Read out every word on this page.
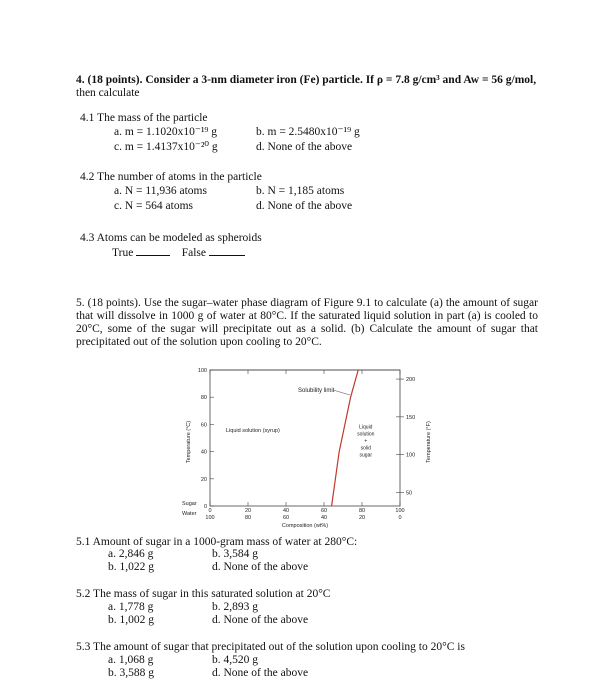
4. (18 points). Consider a 3-nm diameter iron (Fe) particle. If ρ = 7.8 g/cm³ and Aw = 56 g/mol,
then calculate
4.1 The mass of the particle
a. m = 1.1020x10⁻¹⁹ g	b. m = 2.5480x10⁻¹⁹ g
c. m = 1.4137x10⁻²⁰ g	d. None of the above
4.2 The number of atoms in the particle
a. N = 11,936 atoms	b. N = 1,185 atoms
c. N = 564 atoms	d. None of the above
4.3 Atoms can be modeled as spheroids
True	False
5. (18 points). Use the sugar–water phase diagram of Figure 9.1 to calculate (a) the amount of sugar that will dissolve in 1000 g of water at 80°C. If the saturated liquid solution in part (a) is cooled to 20°C, some of the sugar will precipitate out as a solid. (b) Calculate the amount of sugar that precipitated out of the solution upon cooling to 20°C.
0
20
40
60
80
100
50
100
150
200
0
100
20
80
40
60
60
40
80
20
100
0
Solubility limit
Liquid solution (syrup)
Liquid
solution
+
solid
sugar
Temperature (°C)	Temperature (°F)
Sugar
Water
Composition (wt%)
5.1 Amount of sugar in a 1000-gram mass of water at 280°C:
a. 2,846 g	b. 3,584 g
b. 1,022 g	d. None of the above
5.2 The mass of sugar in this saturated solution at 20°C
a. 1,778 g	b. 2,893 g
b. 1,002 g	d. None of the above
5.3 The amount of sugar that precipitated out of the solution upon cooling to 20°C is
a. 1,068 g	b. 4,520 g
b. 3,588 g	d. None of the above
